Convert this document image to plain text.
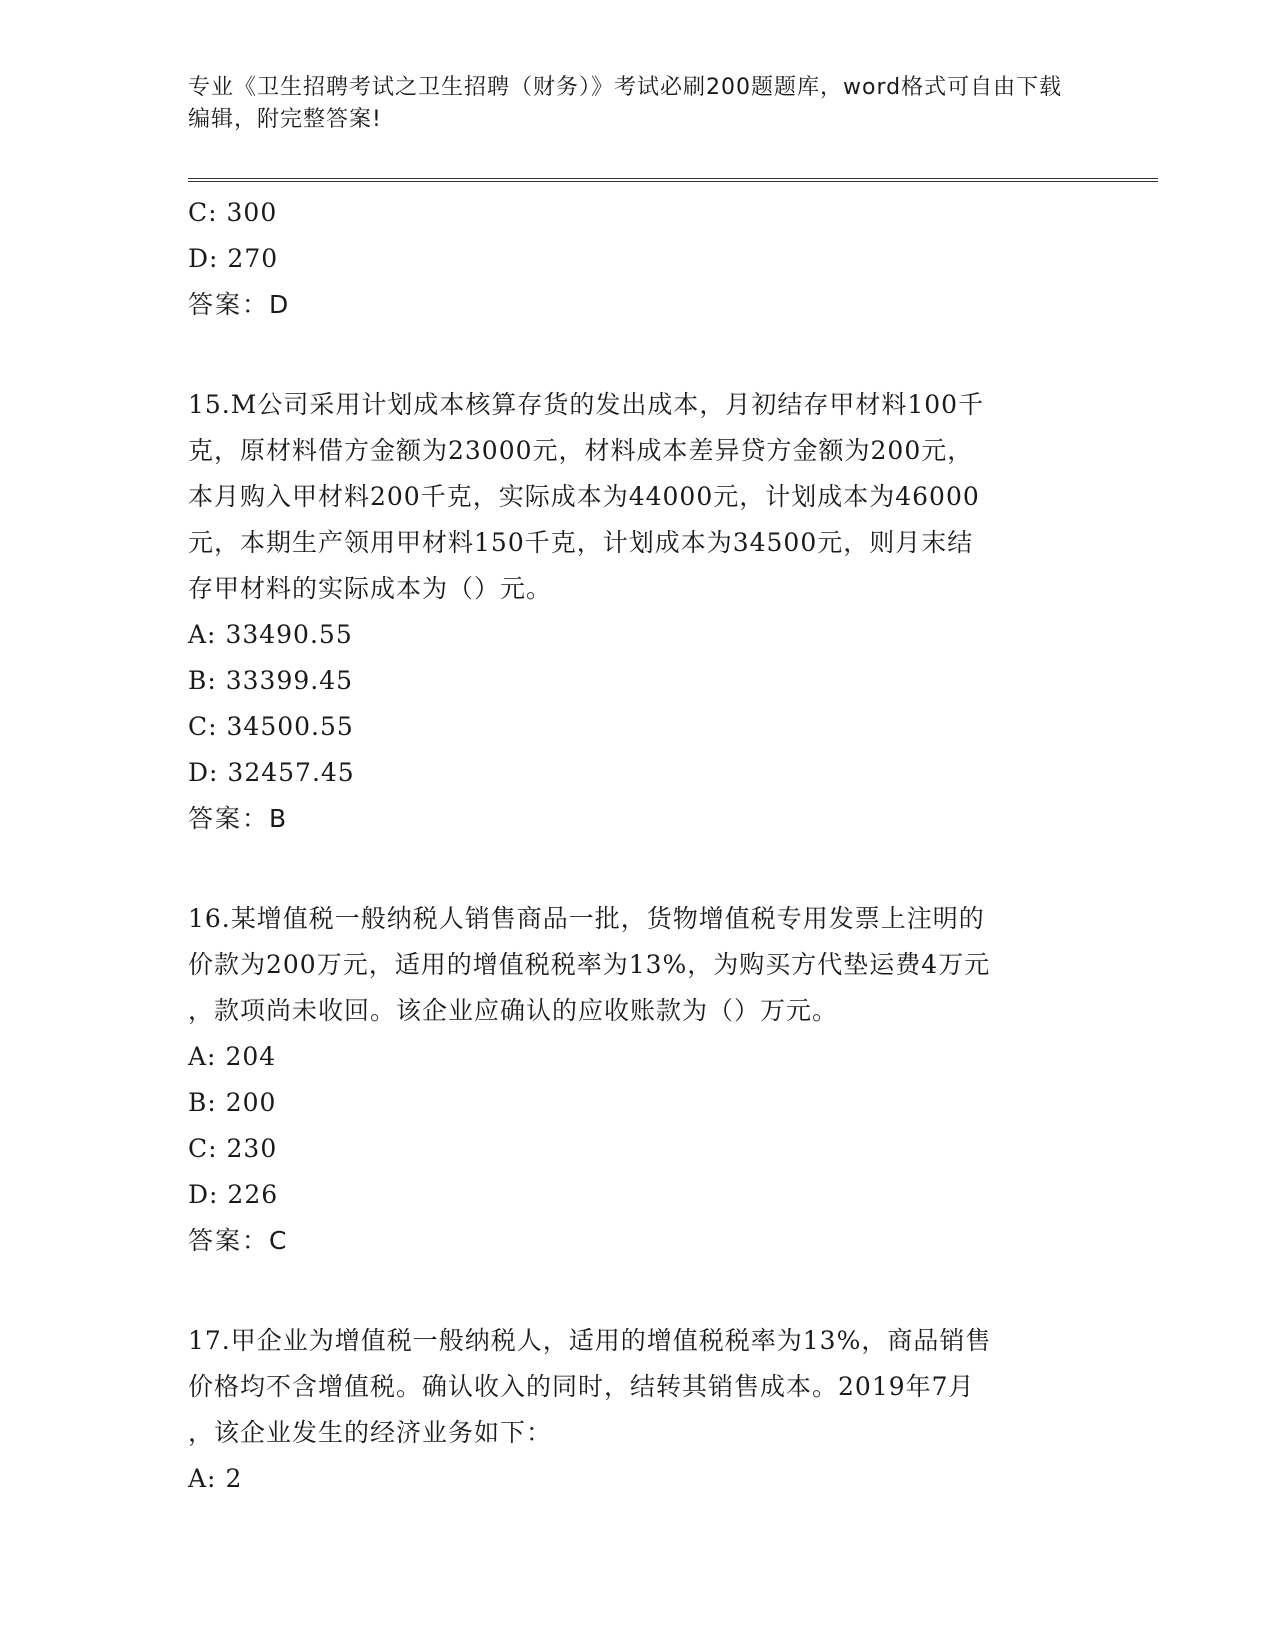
专业《卫生招聘考试之卫生招聘（财务）》考试必刷200题题库，word格式可自由下载编辑，附完整答案!
C: 300
D: 270
答案：D
15.M公司采用计划成本核算存货的发出成本，月初结存甲材料100千
克，原材料借方金额为23000元，材料成本差异贷方金额为200元，
本月购入甲材料200千克，实际成本为44000元，计划成本为46000
元，本期生产领用甲材料150千克，计划成本为34500元，则月末结
存甲材料的实际成本为（）元。
A: 33490.55
B: 33399.45
C: 34500.55
D: 32457.45
答案：B
16.某增值税一般纳税人销售商品一批，货物增值税专用发票上注明的
价款为200万元，适用的增值税税率为13%，为购买方代垫运费4万元
，款项尚未收回。该企业应确认的应收账款为（）万元。
A: 204
B: 200
C: 230
D: 226
答案：C
17.甲企业为增值税一般纳税人，适用的增值税税率为13%，商品销售
价格均不含增值税。确认收入的同时，结转其销售成本。2019年7月
，该企业发生的经济业务如下：
A: 2
